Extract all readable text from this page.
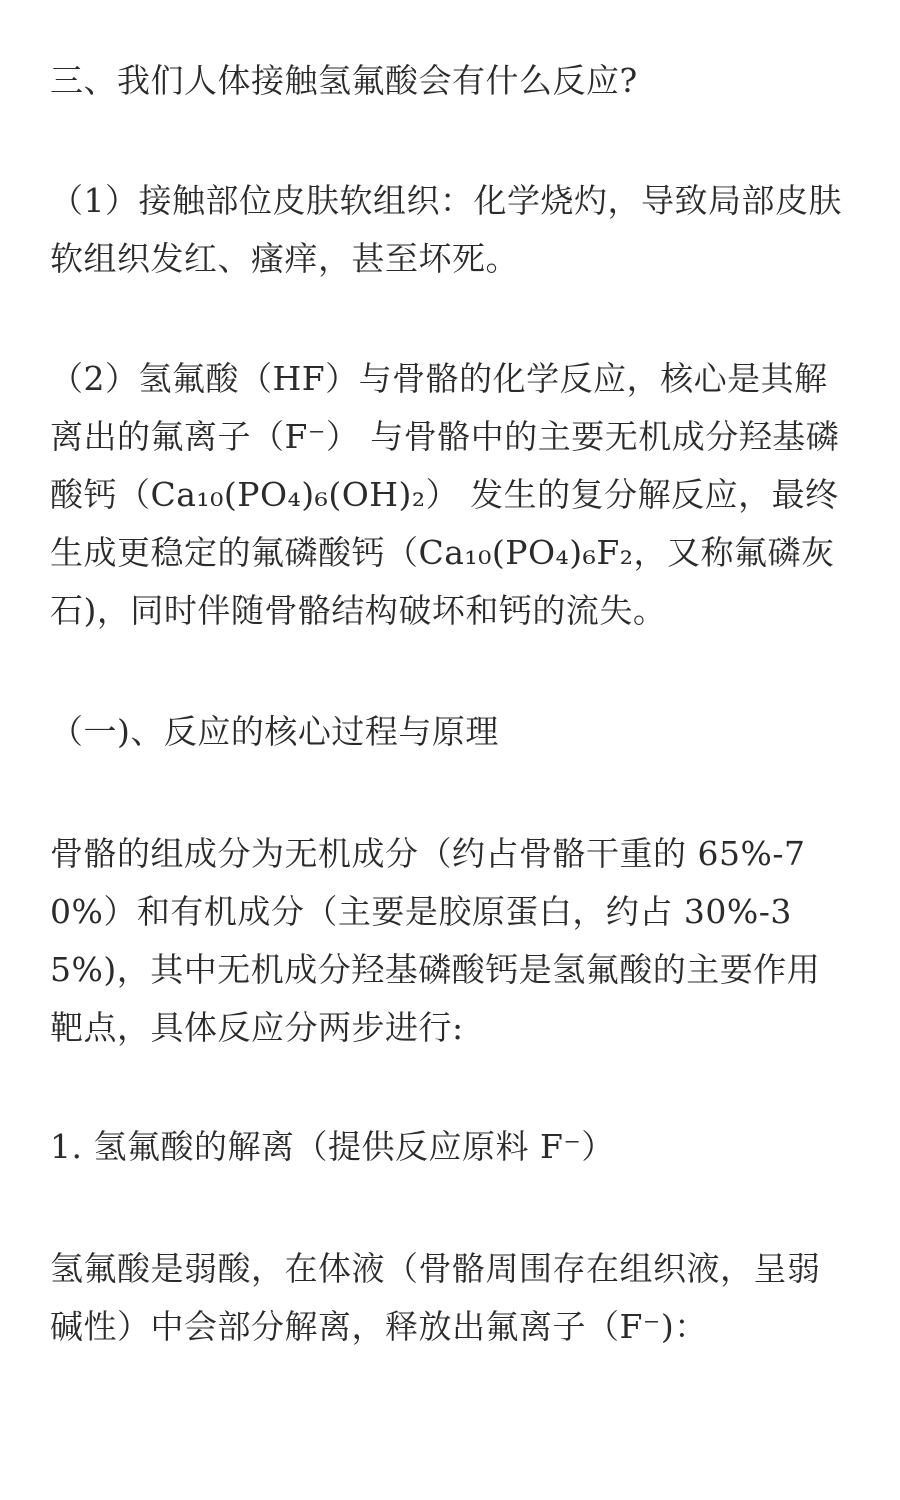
三、我们人体接触氢氟酸会有什么反应?

（1）接触部位皮肤软组织：化学烧灼，导致局部皮肤
软组织发红、瘙痒，甚至坏死。

（2）氢氟酸（HF）与骨骼的化学反应，核心是其解
离出的氟离子（F⁻） 与骨骼中的主要无机成分羟基磷
酸钙（Ca₁₀(PO₄)₆(OH)₂） 发生的复分解反应，最终
生成更稳定的氟磷酸钙（Ca₁₀(PO₄)₆F₂，又称氟磷灰
石)，同时伴随骨骼结构破坏和钙的流失。

（一)、反应的核心过程与原理

骨骼的组成分为无机成分（约占骨骼干重的 65%-7
0%）和有机成分（主要是胶原蛋白，约占 30%-3
5%)，其中无机成分羟基磷酸钙是氢氟酸的主要作用
靶点，具体反应分两步进行:

1. 氢氟酸的解离（提供反应原料 F⁻）

氢氟酸是弱酸，在体液（骨骼周围存在组织液，呈弱
碱性）中会部分解离，释放出氟离子（F⁻)：
